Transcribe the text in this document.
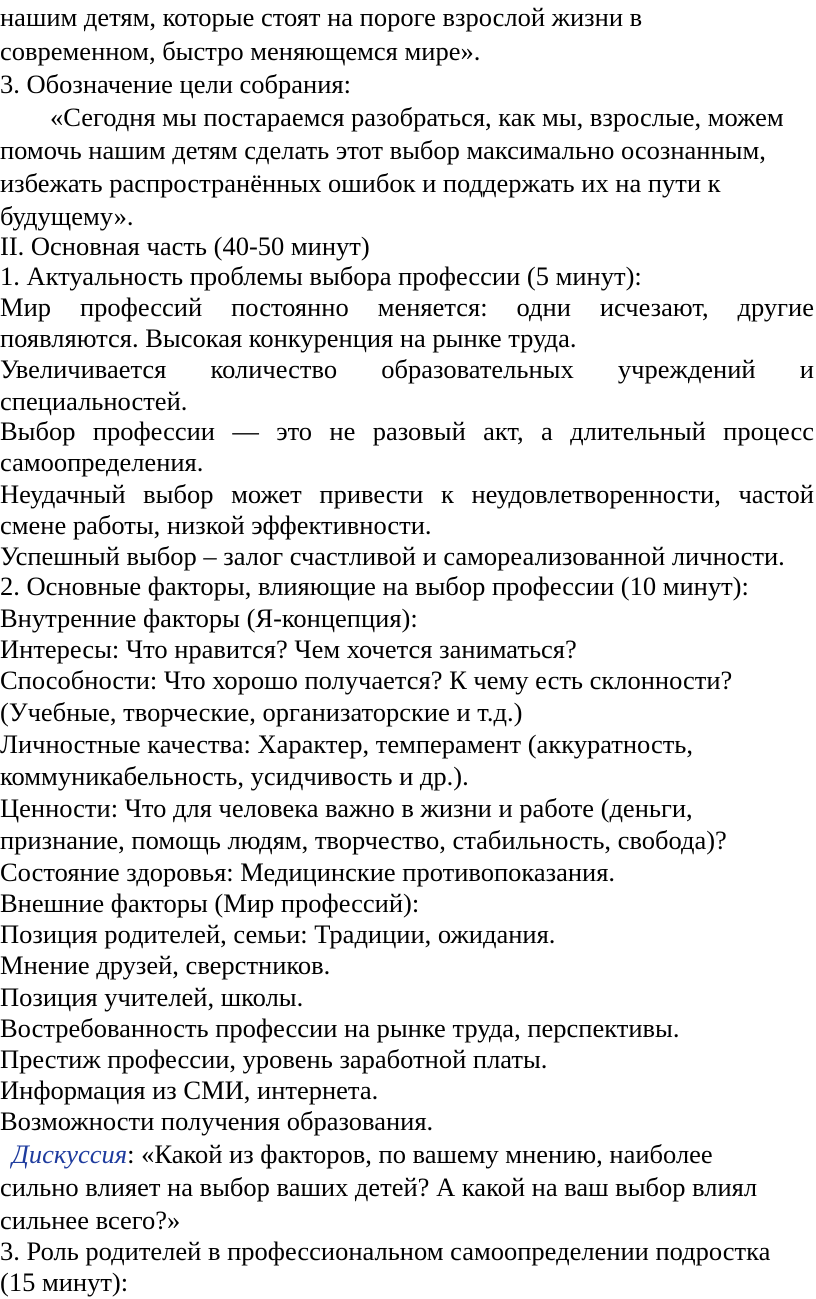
нашим детям, которые стоят на пороге взрослой жизни в
современном, быстро меняющемся мире».
3. Обозначение цели собрания:
«Сегодня мы постараемся разобраться, как мы, взрослые, можем
помочь нашим детям сделать этот выбор максимально осознанным,
избежать распространённых ошибок и поддержать их на пути к
будущему».
II. Основная часть (40-50 минут)
1. Актуальность проблемы выбора профессии (5 минут):
Мир профессий постоянно меняется: одни исчезают, другие
появляются. Высокая конкуренция на рынке труда.
Увеличивается количество образовательных учреждений и
специальностей.
Выбор профессии — это не разовый акт, а длительный процесс
самоопределения.
Неудачный выбор может привести к неудовлетворенности, частой
смене работы, низкой эффективности.
Успешный выбор – залог счастливой и самореализованной личности.
2. Основные факторы, влияющие на выбор профессии (10 минут):
Внутренние факторы (Я-концепция):
Интересы: Что нравится? Чем хочется заниматься?
Способности: Что хорошо получается? К чему есть склонности?
(Учебные, творческие, организаторские и т.д.)
Личностные качества: Характер, темперамент (аккуратность,
коммуникабельность, усидчивость и др.).
Ценности: Что для человека важно в жизни и работе (деньги,
признание, помощь людям, творчество, стабильность, свобода)?
Состояние здоровья: Медицинские противопоказания.
Внешние факторы (Мир профессий):
Позиция родителей, семьи: Традиции, ожидания.
Мнение друзей, сверстников.
Позиция учителей, школы.
Востребованность профессии на рынке труда, перспективы.
Престиж профессии, уровень заработной платы.
Информация из СМИ, интернета.
Возможности получения образования.
Дискуссия: «Какой из факторов, по вашему мнению, наиболее
сильно влияет на выбор ваших детей? А какой на ваш выбор влиял
сильнее всего?»
3. Роль родителей в профессиональном самоопределении подростка
(15 минут):
